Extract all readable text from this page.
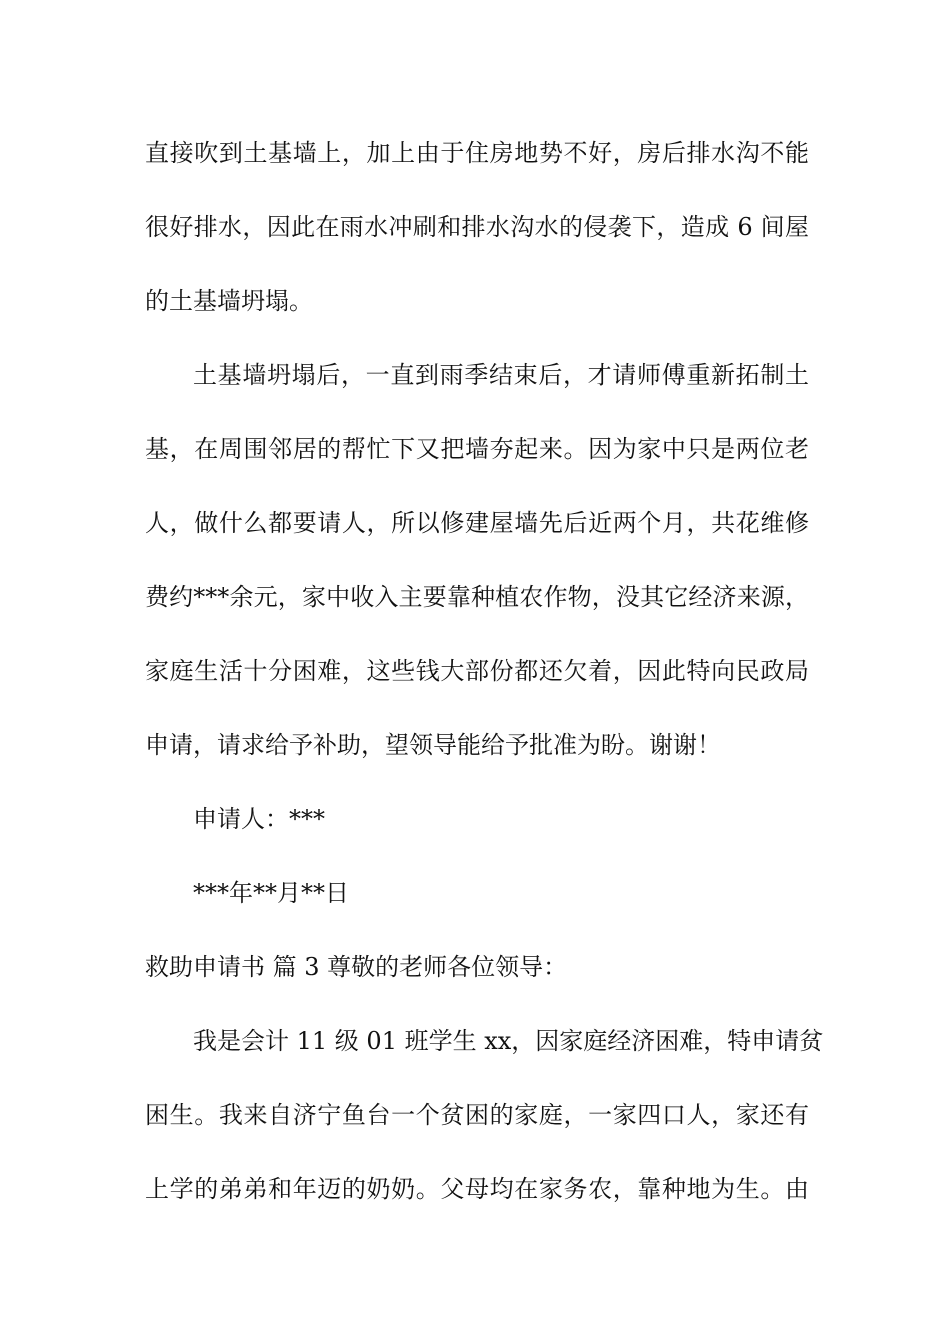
直接吹到土基墙上，加上由于住房地势不好，房后排水沟不能
很好排水，因此在雨水冲刷和排水沟水的侵袭下，造成 6 间屋
的土基墙坍塌。
土基墙坍塌后，一直到雨季结束后，才请师傅重新拓制土
基，在周围邻居的帮忙下又把墙夯起来。因为家中只是两位老
人，做什么都要请人，所以修建屋墙先后近两个月，共花维修
费约***余元，家中收入主要靠种植农作物，没其它经济来源，
家庭生活十分困难，这些钱大部份都还欠着，因此特向民政局
申请，请求给予补助，望领导能给予批准为盼。谢谢！
申请人：***
***年**月**日
救助申请书 篇 3 尊敬的老师各位领导：
我是会计 11 级 01 班学生 xx，因家庭经济困难，特申请贫
困生。我来自济宁鱼台一个贫困的家庭，一家四口人，家还有
上学的弟弟和年迈的奶奶。父母均在家务农，靠种地为生。由
